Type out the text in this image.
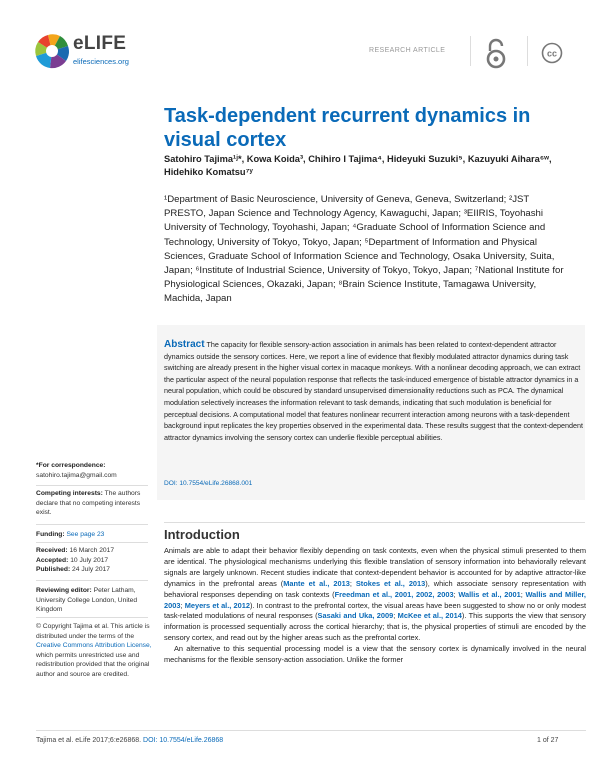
eLIFE
elifesciences.org
RESEARCH ARTICLE	cc
Task-dependent recurrent dynamics in visual cortex
Satohiro Tajima¹ʲ*, Kowa Koida³, Chihiro I Tajima⁴, Hideyuki Suzuki⁵, Kazuyuki Aihara⁶ʷ, Hidehiko Komatsu⁷ʸ
¹Department of Basic Neuroscience, University of Geneva, Geneva, Switzerland; ²JST PRESTO, Japan Science and Technology Agency, Kawaguchi, Japan; ³EIIRIS, Toyohashi University of Technology, Toyohashi, Japan; ⁴Graduate School of Information Science and Technology, University of Tokyo, Tokyo, Japan; ⁵Department of Information and Physical Sciences, Graduate School of Information Science and Technology, Osaka University, Suita, Japan; ⁶Institute of Industrial Science, University of Tokyo, Tokyo, Japan; ⁷National Institute for Physiological Sciences, Okazaki, Japan; ⁸Brain Science Institute, Tamagawa University, Machida, Japan
Abstract The capacity for flexible sensory-action association in animals has been related to context-dependent attractor dynamics outside the sensory cortices. Here, we report a line of evidence that flexibly modulated attractor dynamics during task switching are already present in the higher visual cortex in macaque monkeys. With a nonlinear decoding approach, we can extract the particular aspect of the neural population response that reflects the task-induced emergence of bistable attractor dynamics in a neural population, which could be obscured by standard unsupervised dimensionality reductions such as PCA. The dynamical modulation selectively increases the information relevant to task demands, indicating that such modulation is beneficial for perceptual decisions. A computational model that features nonlinear recurrent interaction among neurons with a task-dependent background input replicates the key properties observed in the experimental data. These results suggest that the context-dependent attractor dynamics involving the sensory cortex can underlie flexible perceptual abilities.
DOI: 10.7554/eLife.26868.001
*For correspondence: satohiro.tajima@gmail.com
Competing interests: The authors declare that no competing interests exist.
Funding: See page 23
Received: 16 March 2017
Accepted: 10 July 2017
Published: 24 July 2017
Reviewing editor: Peter Latham, University College London, United Kingdom
© Copyright Tajima et al. This article is distributed under the terms of the Creative Commons Attribution License, which permits unrestricted use and redistribution provided that the original author and source are credited.
Introduction

Animals are able to adapt their behavior flexibly depending on task contexts, even when the physical stimuli presented to them are identical. The physiological mechanisms underlying this flexible translation of sensory information into behaviorally relevant signals are largely unknown. Recent studies indicate that context-dependent behavior is accounted for by adaptive attractor-like dynamics in the prefrontal areas (Mante et al., 2013; Stokes et al., 2013), which associate sensory representation with behavioral responses depending on task contexts (Freedman et al., 2001, 2002, 2003; Wallis et al., 2001; Wallis and Miller, 2003; Meyers et al., 2012). In contrast to the prefrontal cortex, the visual areas have been suggested to show no or only modest task-related modulations of neural responses (Sasaki and Uka, 2009; McKee et al., 2014). This supports the view that sensory information is processed sequentially across the cortical hierarchy; that is, the physical properties of stimuli are encoded by the sensory cortex, and read out by the higher areas such as the prefrontal cortex.

An alternative to this sequential processing model is a view that the sensory cortex is dynamically involved in the neural mechanisms for the flexible sensory-action association. Unlike the former

Tajima et al. eLife 2017;6:e26868. DOI: 10.7554/eLife.26868	1 of 27
